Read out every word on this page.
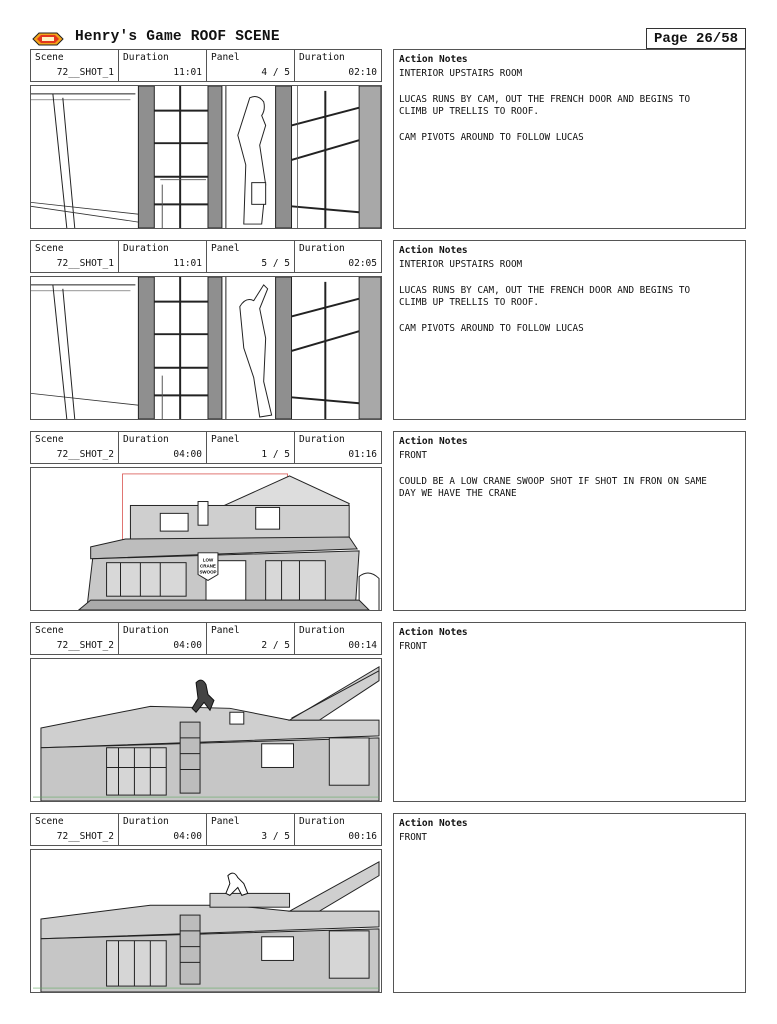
Henry's Game ROOF SCENE	Page 26/58
Scene
72__SHOT_1
Duration
11:01
Panel
4 / 5
Duration
02:10
Action Notes

INTERIOR UPSTAIRS ROOM

LUCAS RUNS BY CAM, OUT THE FRENCH DOOR AND BEGINS TO

CLIMB UP TRELLIS TO ROOF.

CAM PIVOTS AROUND TO FOLLOW LUCAS

Scene
72__SHOT_1
Duration
11:01
Panel
5 / 5
Duration
02:05
Action Notes

INTERIOR UPSTAIRS ROOM

LUCAS RUNS BY CAM, OUT THE FRENCH DOOR AND BEGINS TO

CLIMB UP TRELLIS TO ROOF.

CAM PIVOTS AROUND TO FOLLOW LUCAS

Scene
72__SHOT_2
Duration
04:00
Panel
1 / 5
Duration
01:16
LOW
CRANE
SWOOP
Action Notes

FRONT

COULD BE A LOW CRANE SWOOP SHOT IF SHOT IN FRON ON SAME

DAY WE HAVE THE CRANE

Scene
72__SHOT_2
Duration
04:00
Panel
2 / 5
Duration
00:14
Action Notes

FRONT

Scene
72__SHOT_2
Duration
04:00
Panel
3 / 5
Duration
00:16
Action Notes

FRONT
